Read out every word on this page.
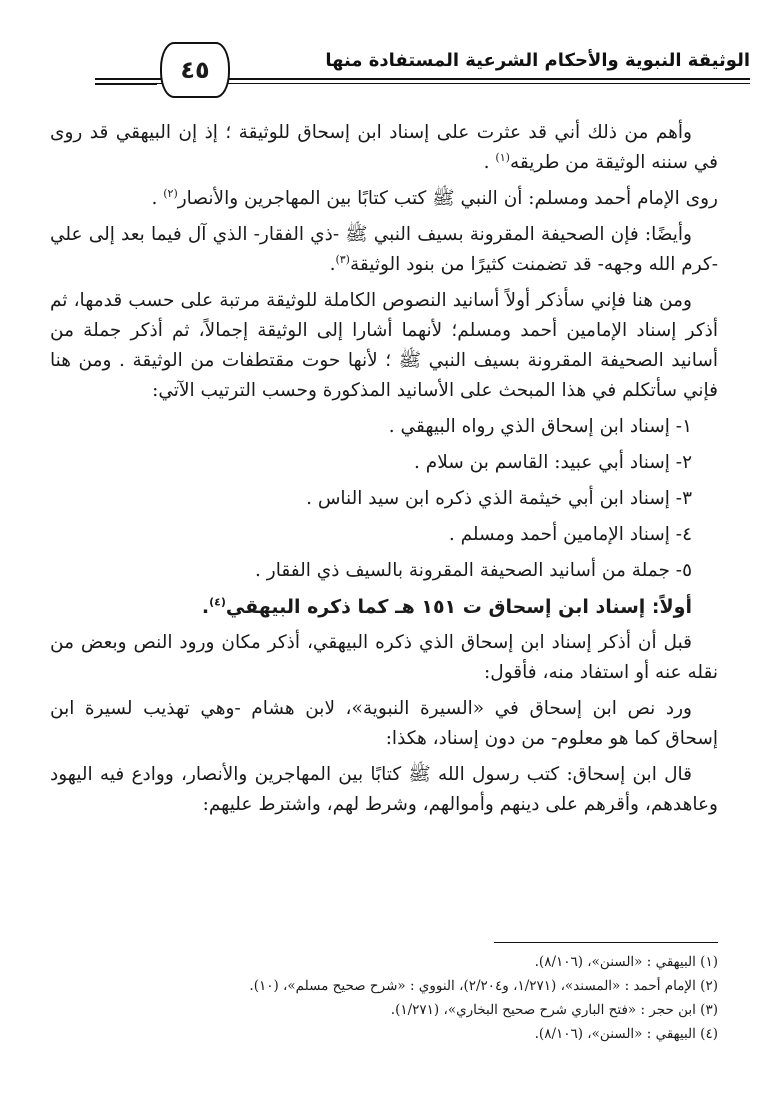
الوثيقة النبوية والأحكام الشرعية المستفادة منها
٤٥

وأهم من ذلك أني قد عثرت على إسناد ابن إسحاق للوثيقة ؛ إذ إن البيهقي قد روى في سننه الوثيقة من طريقه$^{(١)}$ .

روى الإمام أحمد ومسلم: أن النبي ﷺ كتب كتابًا بين المهاجرين والأنصار$^{(٢)}$ .

وأيضًا: فإن الصحيفة المقرونة بسيف النبي ﷺ -ذي الفقار- الذي آل فيما بعد إلى علي -كرم الله وجهه- قد تضمنت كثيرًا من بنود الوثيقة$^{(٣)}$.

ومن هنا فإني سأذكر أولاً أسانيد النصوص الكاملة للوثيقة مرتبة على حسب قدمها، ثم أذكر إسناد الإمامين أحمد ومسلم؛ لأنهما أشارا إلى الوثيقة إجمالاً، ثم أذكر جملة من أسانيد الصحيفة المقرونة بسيف النبي ﷺ ؛ لأنها حوت مقتطفات من الوثيقة . ومن هنا فإني سأتكلم في هذا المبحث على الأسانيد المذكورة وحسب الترتيب الآتي:

١- إسناد ابن إسحاق الذي رواه البيهقي .

٢- إسناد أبي عبيد: القاسم بن سلام .

٣- إسناد ابن أبي خيثمة الذي ذكره ابن سيد الناس .

٤- إسناد الإمامين أحمد ومسلم .

٥- جملة من أسانيد الصحيفة المقرونة بالسيف ذي الفقار .

أولاً: إسناد ابن إسحاق ت ١٥١ هـ كما ذكره البيهقي$^{(٤)}$.

قبل أن أذكر إسناد ابن إسحاق الذي ذكره البيهقي، أذكر مكان ورود النص وبعض من نقله عنه أو استفاد منه، فأقول:

ورد نص ابن إسحاق في «السيرة النبوية»، لابن هشام -وهي تهذيب لسيرة ابن إسحاق كما هو معلوم- من دون إسناد، هكذا:

قال ابن إسحاق: كتب رسول الله ﷺ كتابًا بين المهاجرين والأنصار، ووادع فيه اليهود وعاهدهم، وأقرهم على دينهم وأموالهم، وشرط لهم، واشترط عليهم:

(١) البيهقي : «السنن»، (٨/١٠٦).

(٢) الإمام أحمد : «المسند»، (١/٢٧١، و٢/٢٠٤)، النووي : «شرح صحيح مسلم»، (١٠).

(٣) ابن حجر : «فتح الباري شرح صحيح البخاري»، (١/٢٧١).

(٤) البيهقي : «السنن»، (٨/١٠٦).
